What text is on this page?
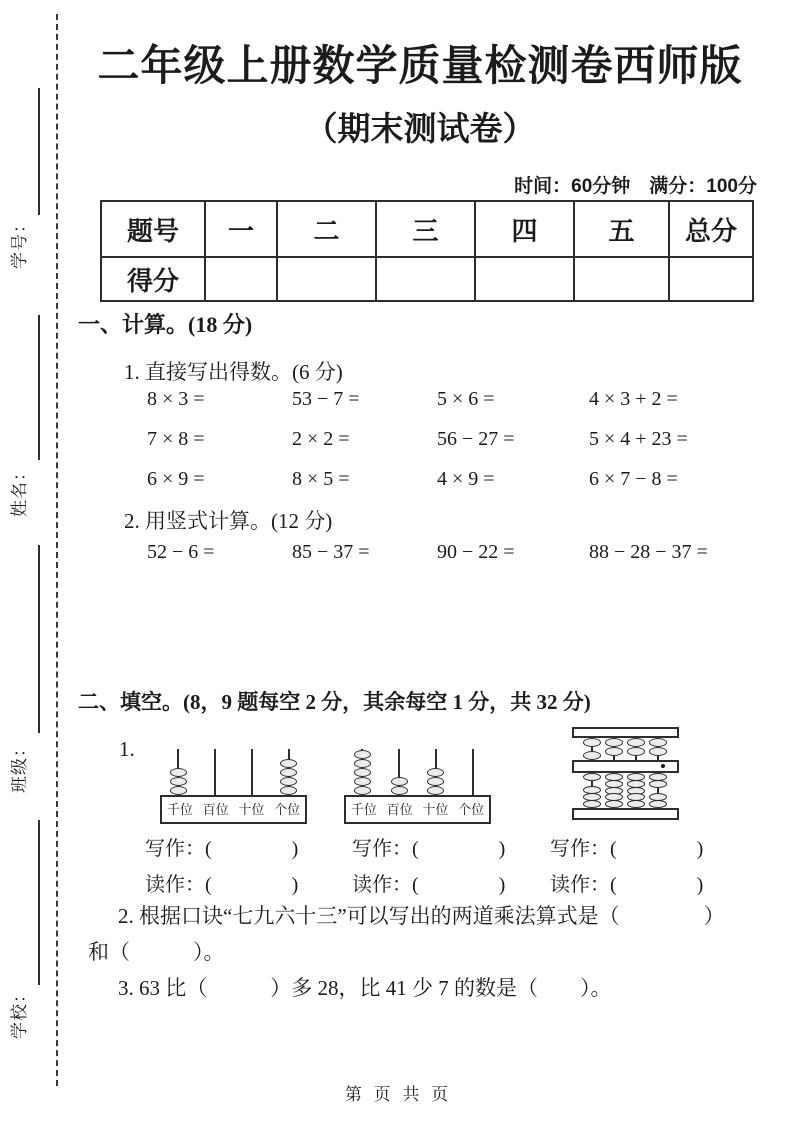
学号：
姓名：
班级：
学校：
二年级上册数学质量检测卷西师版
（期末测试卷）
时间：60分钟　满分：100分
题号	一	二	三	四	五	总分
得分						
一、计算。(18 分)
1. 直接写出得数。(6 分)
8 × 3 =	53 − 7 =	5 × 6 =	4 × 3 + 2 =
7 × 8 =	2 × 2 =	56 − 27 =	5 × 4 + 23 =
6 × 9 =	8 × 5 =	4 × 9 =	6 × 7 − 8 =
2. 用竖式计算。(12 分)
52 − 6 =	85 − 37 =	90 − 22 =	88 − 28 − 37 =
二、填空。(8，9 题每空 2 分，其余每空 1 分，共 32 分)
1.
千位 百位 十位 个位	千位 百位 十位 个位
写作：(　　　　)	写作：(　　　　) 写作：(　　　　)
读作：(　　　　)	读作：(　　　　) 读作：(　　　　)
2. 根据口诀“七九六十三”可以写出的两道乘法算式是（　　　　）
和（　　　）。
3. 63 比（　　　）多 28，比 41 少 7 的数是（　　）。
第 页 共 页
